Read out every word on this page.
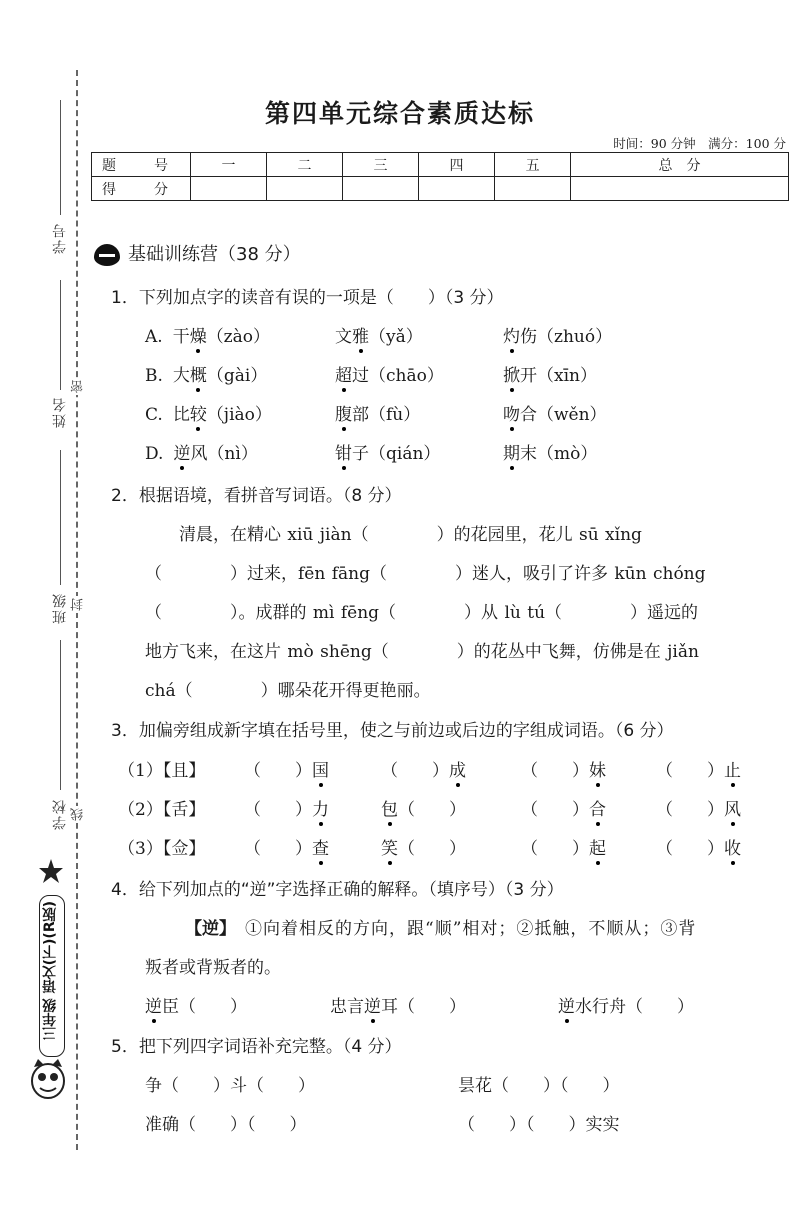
学号
姓名
班级
学校
密
封
线
三年级 语文(下)(R版)
第四单元综合素质达标
时间：90 分钟　满分：100 分
题　号	一	二	三	四	五	总　分
得　分						
基础训练营（38 分）
1．下列加点字的读音有误的一项是（　　）（3 分）
A. 干燥（zào）	文雅（yǎ）	灼伤（zhuó）
B. 大概（gài）	超过（chāo）	掀开（xīn）
C. 比较（jiào）	腹部（fù）	吻合（wěn）
D. 逆风（nì）	钳子（qián）	期末（mò）
2．根据语境，看拼音写词语。（8 分）
　　清晨，在精心 xiū jiàn（　　　　）的花园里，花儿 sū xǐng
（　　　　）过来，fēn fāng（　　　　）迷人，吸引了许多 kūn chóng
（　　　　）。成群的 mì fēng（　　　　）从 lù tú（　　　　）遥远的
地方飞来，在这片 mò shēng（　　　　）的花丛中飞舞，仿佛是在 jiǎn
chá（　　　　）哪朵花开得更艳丽。
3．加偏旁组成新字填在括号里，使之与前边或后边的字组成词语。（6 分）
（1）【且】 （　　）国	（　　）成	（　　）妹	（　　）止
（2）【舌】 （　　）力	包（　　）	（　　）合	（　　）风
（3）【佥】 （　　）查	笑（　　）	（　　）起	（　　）收
4．给下列加点的“逆”字选择正确的解释。（填序号）（3 分）
【逆】 ①向着相反的方向，跟“顺”相对；②抵触，不顺从；③背
叛者或背叛者的。
逆臣（　　）	忠言逆耳（　　）	逆水行舟（　　）
5．把下列四字词语补充完整。（4 分）
争（　　）斗（　　）	昙花（　　）（　　）
准确（　　）（　　）	（　　）（　　）实实
